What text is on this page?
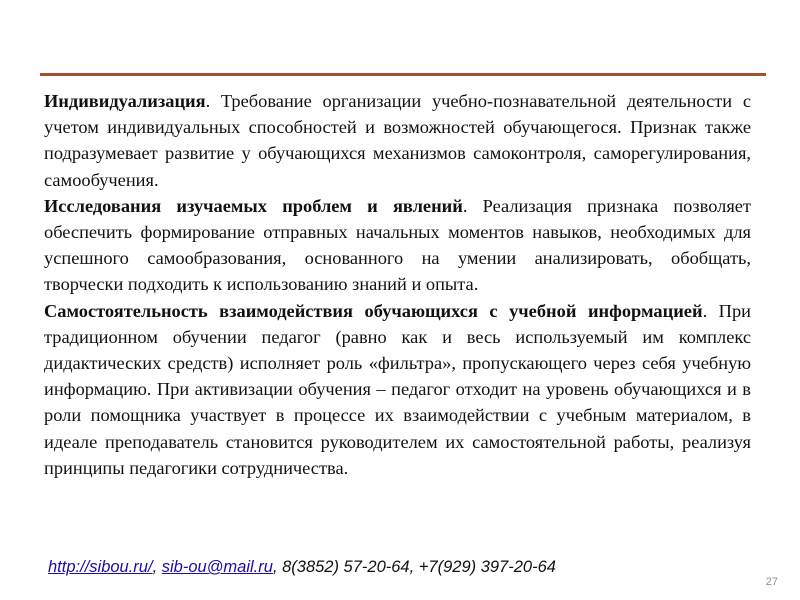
Индивидуализация. Требование организации учебно-познавательной деятельности с учетом индивидуальных способностей и возможностей обучающегося. Признак также подразумевает развитие у обучающихся механизмов самоконтроля, саморегулирования, самообучения.

Исследования изучаемых проблем и явлений. Реализация признака позволяет обеспечить формирование отправных начальных моментов навыков, необходимых для успешного самообразования, основанного на умении анализировать, обобщать, творчески подходить к использованию знаний и опыта.

Самостоятельность взаимодействия обучающихся с учебной информацией. При традиционном обучении педагог (равно как и весь используемый им комплекс дидактических средств) исполняет роль «фильтра», пропускающего через себя учебную информацию. При активизации обучения – педагог отходит на уровень обучающихся и в роли помощника участвует в процессе их взаимодействии с учебным материалом, в идеале преподаватель становится руководителем их самостоятельной работы, реализуя принципы педагогики сотрудничества.

http://sibou.ru/, sib-ou@mail.ru, 8(3852) 57-20-64, +7(929) 397-20-64
27
